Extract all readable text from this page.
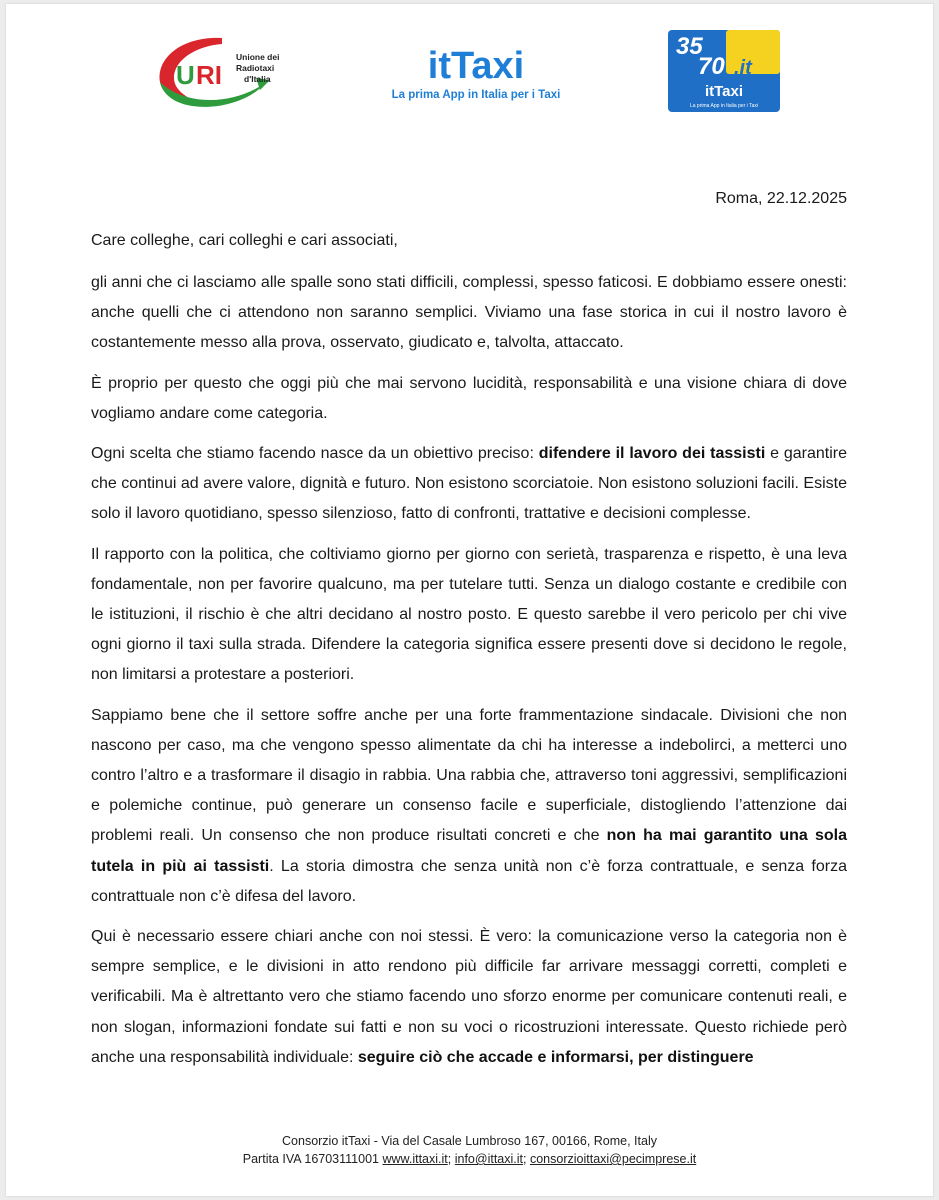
U RI
Unione dei
Radiotaxi
d'Italia	itTaxi
La prima App in Italia per i Taxi
35
70 .it
itTaxi
La prima App in Italia per i Taxi
Roma, 22.12.2025
Care colleghe, cari colleghi e cari associati,

gli anni che ci lasciamo alle spalle sono stati difficili, complessi, spesso faticosi. E dobbiamo essere onesti: anche quelli che ci attendono non saranno semplici. Viviamo una fase storica in cui il nostro lavoro è costantemente messo alla prova, osservato, giudicato e, talvolta, attaccato.

È proprio per questo che oggi più che mai servono lucidità, responsabilità e una visione chiara di dove vogliamo andare come categoria.

Ogni scelta che stiamo facendo nasce da un obiettivo preciso: difendere il lavoro dei tassisti e garantire che continui ad avere valore, dignità e futuro. Non esistono scorciatoie. Non esistono soluzioni facili. Esiste solo il lavoro quotidiano, spesso silenzioso, fatto di confronti, trattative e decisioni complesse.

Il rapporto con la politica, che coltiviamo giorno per giorno con serietà, trasparenza e rispetto, è una leva fondamentale, non per favorire qualcuno, ma per tutelare tutti. Senza un dialogo costante e credibile con le istituzioni, il rischio è che altri decidano al nostro posto. E questo sarebbe il vero pericolo per chi vive ogni giorno il taxi sulla strada. Difendere la categoria significa essere presenti dove si decidono le regole, non limitarsi a protestare a posteriori.

Sappiamo bene che il settore soffre anche per una forte frammentazione sindacale. Divisioni che non nascono per caso, ma che vengono spesso alimentate da chi ha interesse a indebolirci, a metterci uno contro l’altro e a trasformare il disagio in rabbia. Una rabbia che, attraverso toni aggressivi, semplificazioni e polemiche continue, può generare un consenso facile e superficiale, distogliendo l’attenzione dai problemi reali. Un consenso che non produce risultati concreti e che non ha mai garantito una sola tutela in più ai tassisti. La storia dimostra che senza unità non c’è forza contrattuale, e senza forza contrattuale non c’è difesa del lavoro.

Qui è necessario essere chiari anche con noi stessi. È vero: la comunicazione verso la categoria non è sempre semplice, e le divisioni in atto rendono più difficile far arrivare messaggi corretti, completi e verificabili. Ma è altrettanto vero che stiamo facendo uno sforzo enorme per comunicare contenuti reali, e non slogan, informazioni fondate sui fatti e non su voci o ricostruzioni interessate. Questo richiede però anche una responsabilità individuale: seguire ciò che accade e informarsi, per distinguere

Consorzio itTaxi - Via del Casale Lumbroso 167, 00166, Rome, Italy
Partita IVA 16703111001 www.ittaxi.it; info@ittaxi.it; consorzioittaxi@pecimprese.it
